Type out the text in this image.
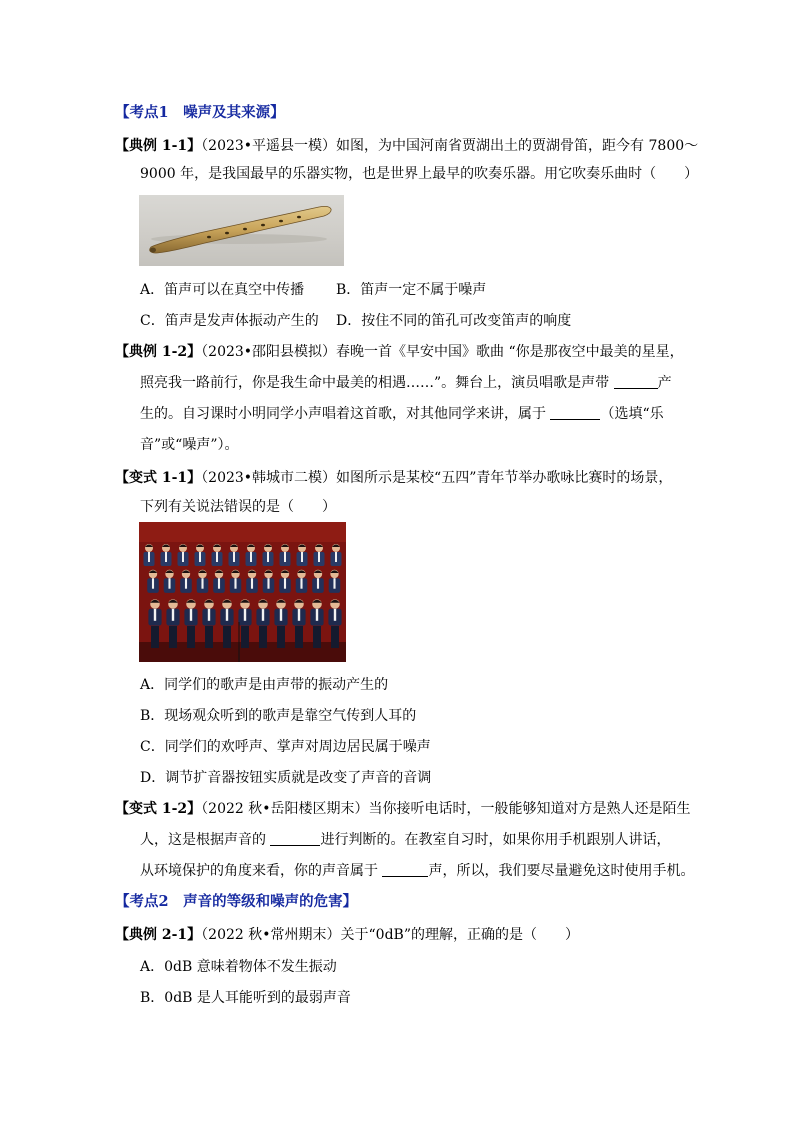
【考点1　噪声及其来源】
【典例 1-1】（2023•平遥县一模）如图，为中国河南省贾湖出土的贾湖骨笛，距今有 7800～
9000 年，是我国最早的乐器实物，也是世界上最早的吹奏乐器。用它吹奏乐曲时（　　）
A．笛声可以在真空中传播 B．笛声一定不属于噪声
C．笛声是发声体振动产生的 D．按住不同的笛孔可改变笛声的响度
【典例 1-2】（2023•邵阳县模拟）春晚一首《早安中国》歌曲 “你是那夜空中最美的星星，
照亮我一路前行，你是我生命中最美的相遇……”。舞台上，演员唱歌是声带	产
生的。自习课时小明同学小声唱着这首歌，对其他同学来讲，属于	（选填“乐
音”或“噪声”）。
【变式 1-1】（2023•韩城市二模）如图所示是某校“五四”青年节举办歌咏比赛时的场景，
下列有关说法错误的是（　　）
A．同学们的歌声是由声带的振动产生的
B．现场观众听到的歌声是靠空气传到人耳的
C．同学们的欢呼声、掌声对周边居民属于噪声
D．调节扩音器按钮实质就是改变了声音的音调
【变式 1-2】（2022 秋•岳阳楼区期末）当你接听电话时，一般能够知道对方是熟人还是陌生
人，这是根据声音的	进行判断的。在教室自习时，如果你用手机跟别人讲话，
从环境保护的角度来看，你的声音属于	声，所以，我们要尽量避免这时使用手机。
【考点2　声音的等级和噪声的危害】
【典例 2-1】（2022 秋•常州期末）关于“0dB”的理解，正确的是（　　）
A．0dB 意味着物体不发生振动
B．0dB 是人耳能听到的最弱声音
